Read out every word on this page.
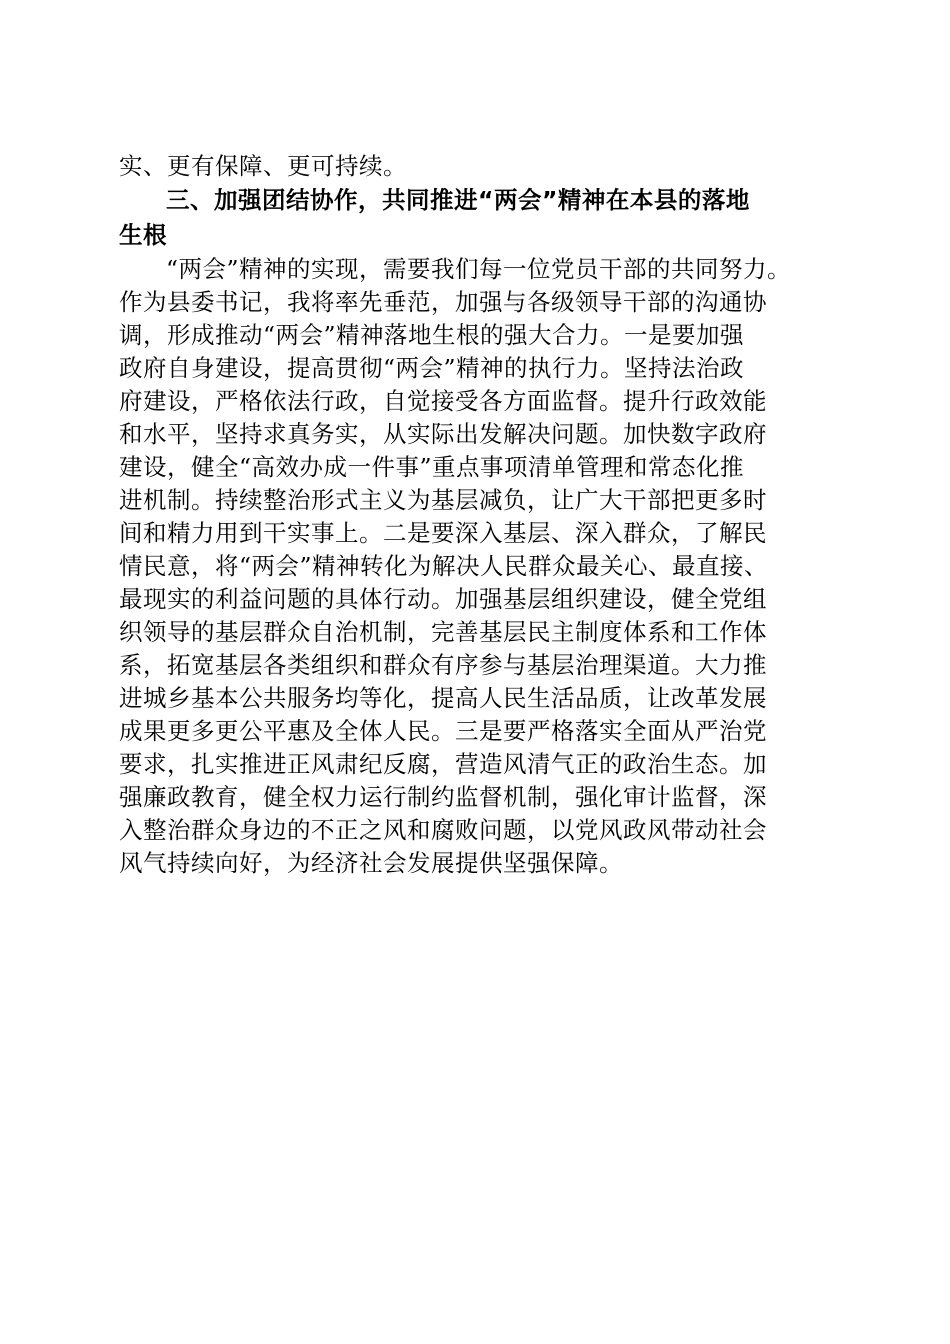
实、更有保障、更可持续。
三、加强团结协作，共同推进“两会”精神在本县的落地
生根
“两会”精神的实现，需要我们每一位党员干部的共同努力。
作为县委书记，我将率先垂范，加强与各级领导干部的沟通协
调，形成推动“两会”精神落地生根的强大合力。一是要加强
政府自身建设，提高贯彻“两会”精神的执行力。坚持法治政
府建设，严格依法行政，自觉接受各方面监督。提升行政效能
和水平，坚持求真务实，从实际出发解决问题。加快数字政府
建设，健全“高效办成一件事”重点事项清单管理和常态化推
进机制。持续整治形式主义为基层减负，让广大干部把更多时
间和精力用到干实事上。二是要深入基层、深入群众，了解民
情民意，将“两会”精神转化为解决人民群众最关心、最直接、
最现实的利益问题的具体行动。加强基层组织建设，健全党组
织领导的基层群众自治机制，完善基层民主制度体系和工作体
系，拓宽基层各类组织和群众有序参与基层治理渠道。大力推
进城乡基本公共服务均等化，提高人民生活品质，让改革发展
成果更多更公平惠及全体人民。三是要严格落实全面从严治党
要求，扎实推进正风肃纪反腐，营造风清气正的政治生态。加
强廉政教育，健全权力运行制约监督机制，强化审计监督，深
入整治群众身边的不正之风和腐败问题，以党风政风带动社会
风气持续向好，为经济社会发展提供坚强保障。
